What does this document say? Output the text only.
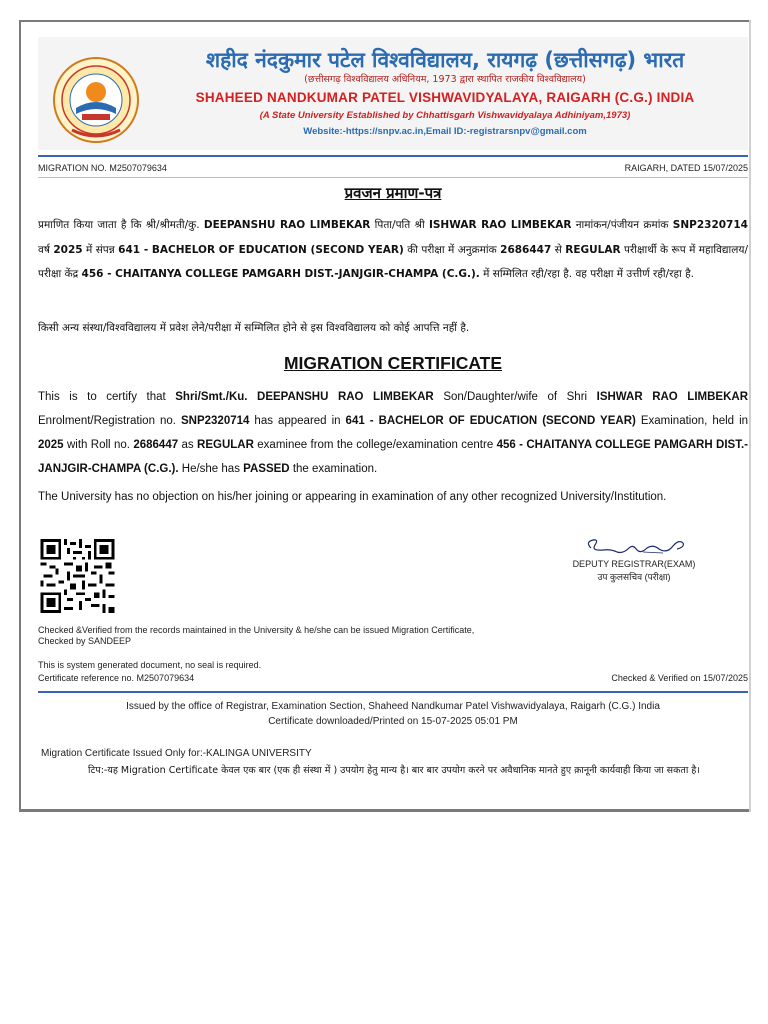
शहीद नंदकुमार पटेल विश्वविद्यालय, रायगढ़ (छत्तीसगढ़) भारत
(छत्तीसगढ़ विश्वविद्यालय अधिनियम, 1973 द्वारा स्थापित राजकीय विश्वविद्यालय)
SHAHEED NANDKUMAR PATEL VISHWAVIDYALAYA, RAIGARH (C.G.) INDIA
(A State University Established by Chhattisgarh Vishwavidyalaya Adhiniyam,1973)
Website:-https://snpv.ac.in,Email ID:-registrarsnpv@gmail.com
MIGRATION NO. M2507079634	RAIGARH, DATED 15/07/2025
प्रवजन प्रमाण-पत्र
प्रमाणित किया जाता है कि श्री/श्रीमती/कु. DEEPANSHU RAO LIMBEKAR पिता/पति श्री ISHWAR RAO LIMBEKAR नामांकन/पंजीयन क्रमांक SNP2320714 वर्ष 2025 में संपन्न 641 - BACHELOR OF EDUCATION (SECOND YEAR) की परीक्षा में अनुक्रमांक 2686447 से REGULAR परीक्षार्थी के रूप में महाविद्यालय/परीक्षा केंद्र 456 - CHAITANYA COLLEGE PAMGARH DIST.-JANJGIR-CHAMPA (C.G.). में सम्मिलित रही/रहा है. वह परीक्षा में उत्तीर्ण रही/रहा है.
किसी अन्य संस्था/विश्वविद्यालय में प्रवेश लेने/परीक्षा में सम्मिलित होने से इस विश्वविद्यालय को कोई आपत्ति नहीं है.
MIGRATION CERTIFICATE
This is to certify that Shri/Smt./Ku. DEEPANSHU RAO LIMBEKAR Son/Daughter/wife of Shri ISHWAR RAO LIMBEKAR Enrolment/Registration no. SNP2320714 has appeared in 641 - BACHELOR OF EDUCATION (SECOND YEAR) Examination, held in 2025 with Roll no. 2686447 as REGULAR examinee from the college/examination centre 456 - CHAITANYA COLLEGE PAMGARH DIST.-JANJGIR-CHAMPA (C.G.). He/she has PASSED the examination.
The University has no objection on his/her joining or appearing in examination of any other recognized University/Institution.
DEPUTY REGISTRAR(EXAM)
उप कुलसचिव (परीक्षा)
Checked &Verified from the records maintained in the University & he/she can be issued Migration Certificate,
Checked by SANDEEP
This is system generated document, no seal is required.
Certificate reference no. M2507079634	Checked & Verified on 15/07/2025
Issued by the office of Registrar, Examination Section, Shaheed Nandkumar Patel Vishwavidyalaya, Raigarh (C.G.) India
Certificate downloaded/Printed on 15-07-2025 05:01 PM
Migration Certificate Issued Only for:-KALINGA UNIVERSITY
टिप:-यह Migration Certificate केवल एक बार (एक ही संस्था में ) उपयोग हेतु मान्य है। बार बार उपयोग करने पर अवैधानिक मानते हुए क़ानूनी कार्यवाही किया जा सकता है।
